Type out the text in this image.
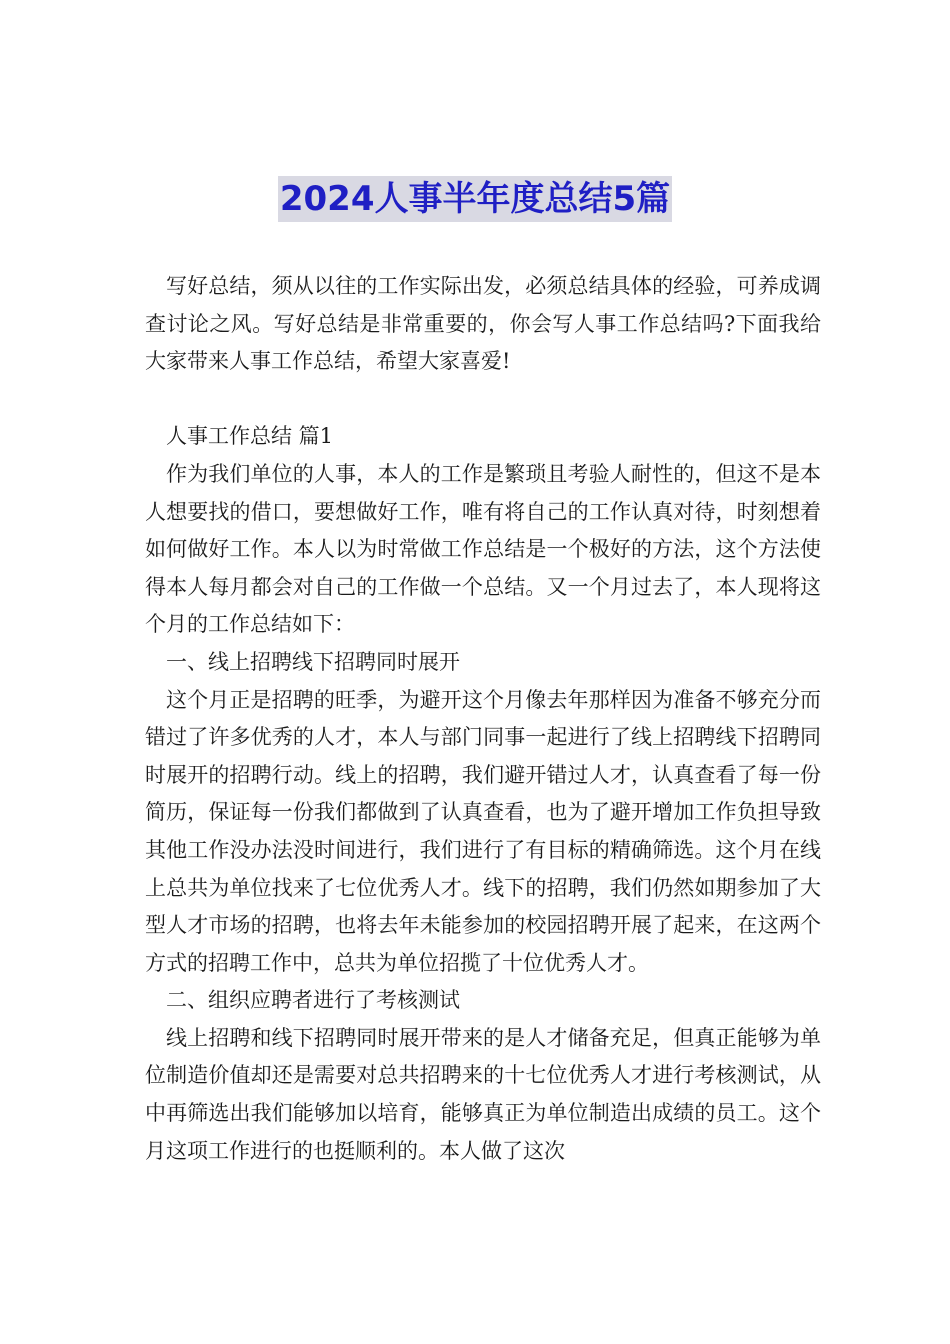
2024人事半年度总结5篇

写好总结，须从以往的工作实际出发，必须总结具体的经验，可养成调查讨论之风。写好总结是非常重要的，你会写人事工作总结吗?下面我给大家带来人事工作总结，希望大家喜爱!

人事工作总结 篇1

作为我们单位的人事，本人的工作是繁琐且考验人耐性的，但这不是本人想要找的借口，要想做好工作，唯有将自己的工作认真对待，时刻想着如何做好工作。本人以为时常做工作总结是一个极好的方法，这个方法使得本人每月都会对自己的工作做一个总结。又一个月过去了，本人现将这个月的工作总结如下：

一、线上招聘线下招聘同时展开

这个月正是招聘的旺季，为避开这个月像去年那样因为准备不够充分而错过了许多优秀的人才，本人与部门同事一起进行了线上招聘线下招聘同时展开的招聘行动。线上的招聘，我们避开错过人才，认真查看了每一份简历，保证每一份我们都做到了认真查看，也为了避开增加工作负担导致其他工作没办法没时间进行，我们进行了有目标的精确筛选。这个月在线上总共为单位找来了七位优秀人才。线下的招聘，我们仍然如期参加了大型人才市场的招聘，也将去年未能参加的校园招聘开展了起来，在这两个方式的招聘工作中，总共为单位招揽了十位优秀人才。

二、组织应聘者进行了考核测试

线上招聘和线下招聘同时展开带来的是人才储备充足，但真正能够为单位制造价值却还是需要对总共招聘来的十七位优秀人才进行考核测试，从中再筛选出我们能够加以培育，能够真正为单位制造出成绩的员工。这个月这项工作进行的也挺顺利的。本人做了这次
